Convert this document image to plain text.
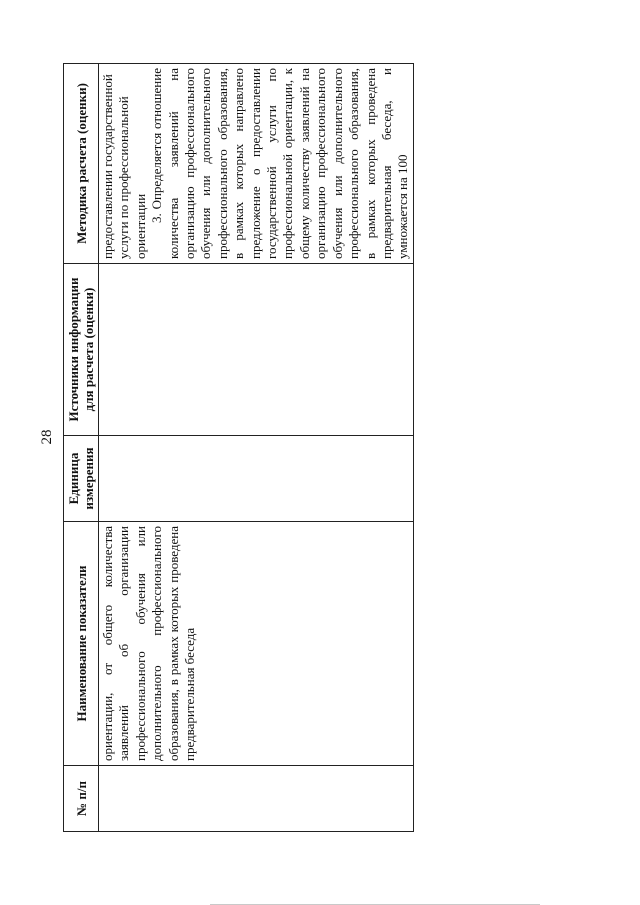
28
№ п/п	Наименование показатели	Единица измерения	Источники информации для расчета (оценки)	Методика расчета (оценки)

	ориентации, от общего количества заявлений об организации профессионального обучения или дополнительного профессионального образования, в рамках которых проведена предварительная беседа			предоставлении государственной услуги по профессиональной ориентации
3. Определяется отношение количества заявлений на организацию профессионального обучения или дополнительного профессионального образования, в рамках которых направлено предложение о предоставлении государственной услуги по профессиональной ориентации, к общему количеству заявлений на организацию профессионального обучения или дополнительного профессионального образования, в рамках которых проведена предварительная беседа, и умножается на 100
